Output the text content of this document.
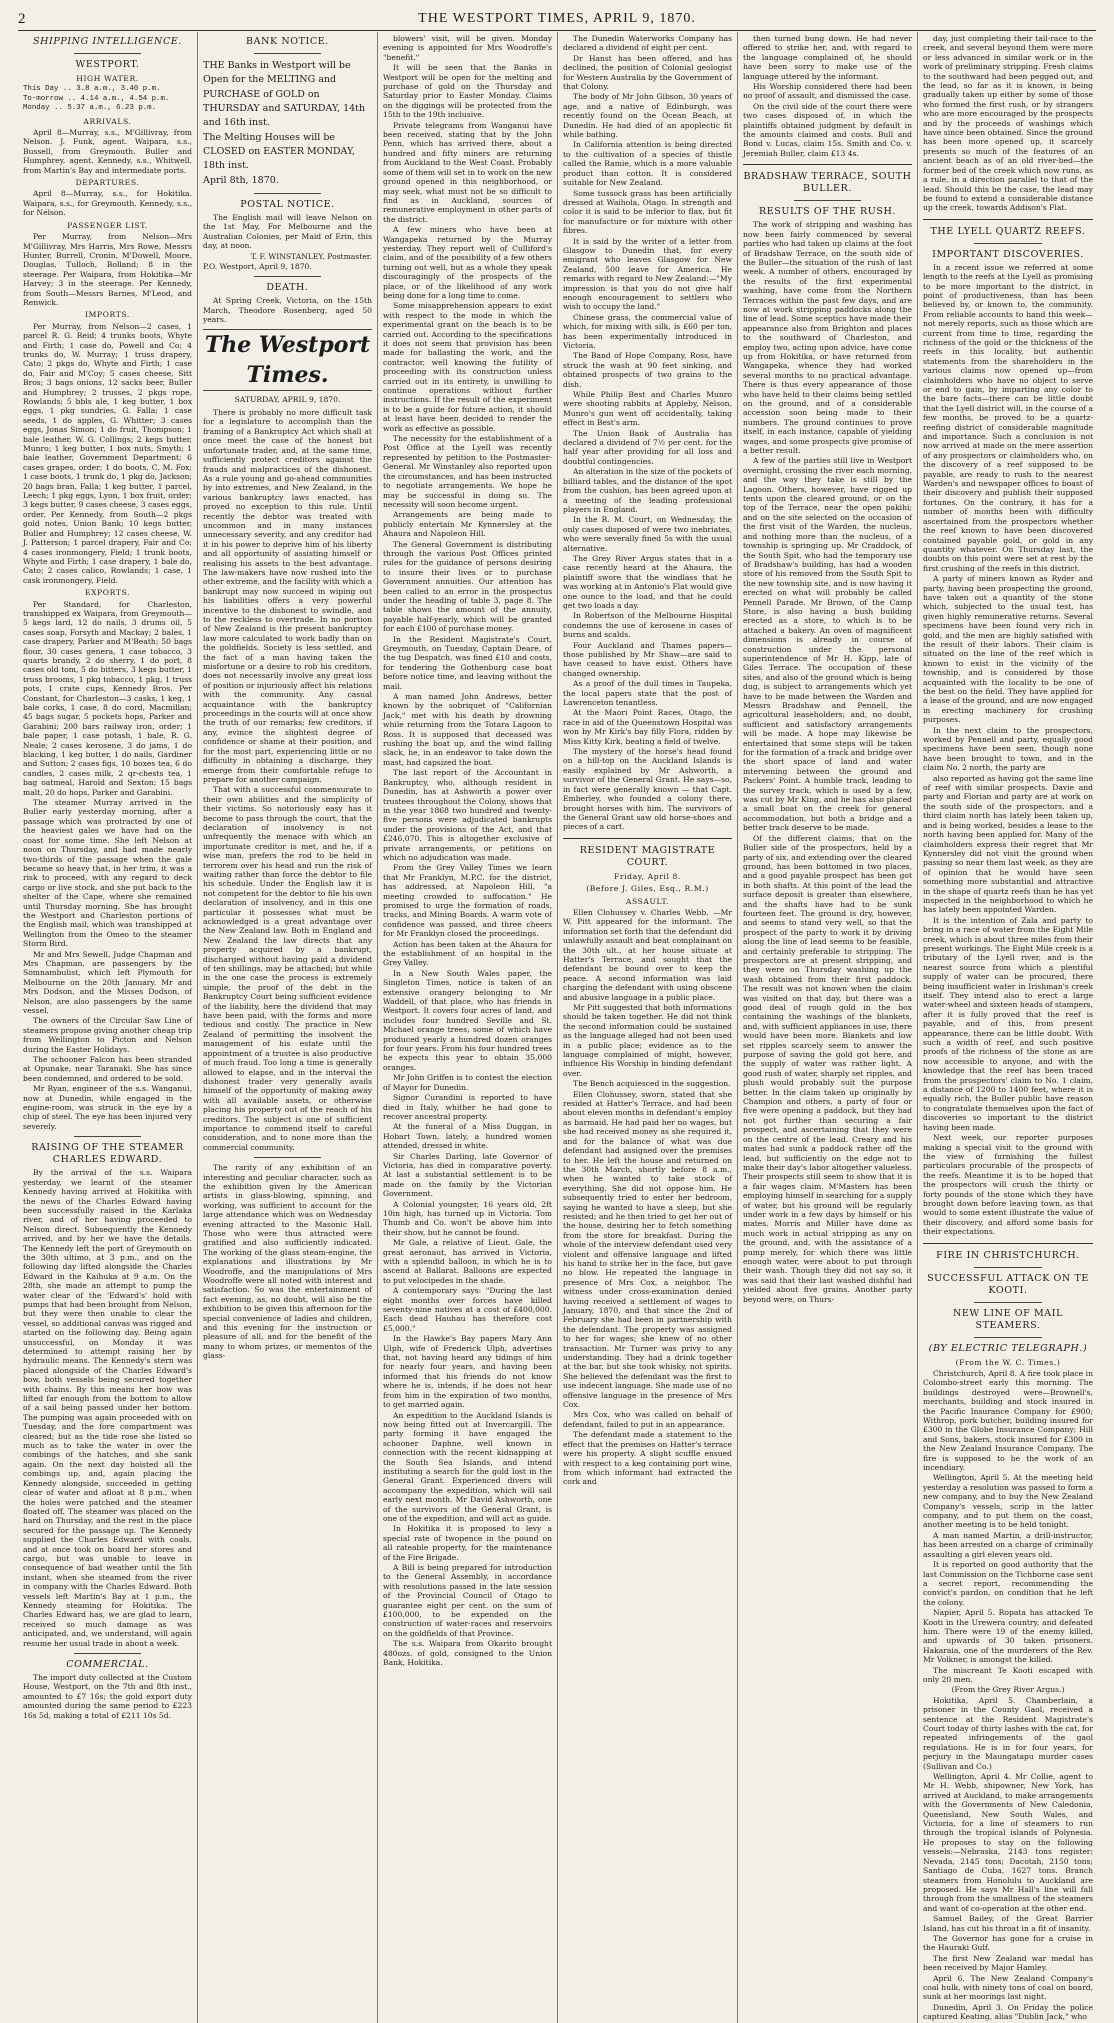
2	THE WESTPORT TIMES, APRIL 9, 1870.
SHIPPING INTELLIGENCE.
WESTPORT.
HIGH WATER.
This Day .. 3.8 a.m., 3.40 p.m.
To-morrow .. 4.14 a.m., 4.54 p.m.
Monday .. 5.37 a.m., 6.23 p.m.
ARRIVALS.

April 8—Murray, s.s., M'Gillivray, from Nelson. J. Funk, agent. Waipara, s.s., Bussell, from Greymouth. Buller and Humphrey, agent. Kennedy, s.s., Whitwell, from Martin's Bay and intermediate ports.

DEPARTURES.

April 8—Murray, s.s., for Hokitika. Waipara, s.s., for Greymouth. Kennedy, s.s., for Nelson.

PASSENGER LIST.

Per Murray, from Nelson—Mrs M'Gillivray, Mrs Harris, Mrs Rowe, Messrs Hunter, Burrell, Cronin, M'Dowell, Moore, Douglas, Tulloch, Bolland; 8 in the steerage. Per Waipara, from Hokitika—Mr Harvey; 3 in the steerage. Per Kennedy, from South—Messrs Barnes, M'Leod, and Renwick.

IMPORTS.

Per Murray, from Nelson—2 cases, 1 parcel R. G. Reid; 4 trunks boots, Whyte and Firth; 1 case do, Powell and Co; 4 trunks do, W. Murray; 1 truss drapery, Cato; 2 pkgs do, Whyte and Firth; 1 case do, Fair and M'Coy; 5 cases cheese, Sitt Bros; 3 bags onions, 12 sacks beer, Buller and Humphrey; 2 trusses, 2 pkgs rope, Rowlands; 5 bbls ale, 1 keg butter, 1 box eggs, 1 pkg sundries, G. Falla; 1 case seeds, 1 do apples, G. Whitter; 3 cases eggs, Jonas Simon; 1 do fruit, Thompson; 1 bale leather, W. G. Collings; 2 kegs butter, Munro; 1 keg butter, 1 box nuts, Smyth; 1 bale leather, Government Department; 6 cases grapes, order; 1 do boots, C. M. Fox; 1 case boots, 1 trunk do, 1 pkg do, Jackson; 20 bags bran, Falla; 1 keg butter, 1 parcel, Leech; 1 pkg eggs, Lyon, 1 box fruit, order; 3 kegs butter, 9 cases cheese, 3 cases eggs, order. Per Kennedy, from South—2 pkgs gold notes, Union Bank; 10 kegs butter, Buller and Humphrey; 12 cases cheese, W. J. Patterson; 1 parcel drapery, Fair and Co; 4 cases ironmongery, Field; 1 trunk boots, Whyte and Firth; 1 case drapery, 1 bale do, Cato; 2 cases calico, Rowlands; 1 case, 1 cask ironmongery, Field.

EXPORTS.

Per Standard, for Charleston, transhipped ex Waipara, from Greymouth—5 kegs lard, 12 do nails, 3 drums oil, 5 cases soap, Forsyth and Mackay; 2 bales, 1 case drapery, Parker and M'Beath; 50 bags flour, 30 cases genera, 1 case tobacco, 3 quarts brandy, 2 do sherry, 1 do port, 8 cases old tom, 5 do bitters, 3 kegs butter, 1 truss brooms, 1 pkg tobacco, 1 pkg, 1 truss pots, 1 crate cups, Kennedy Bros. Per Constant, for Charleston—3 casks, 1 keg, 1 bale corks, 1 case, 8 do cord, Macmillan; 45 bags sugar, 5 pockets hops, Parker and Garabini; 200 bars railway iron, order; 1 bale paper, 1 case potash, 1 bale, R. G. Neale; 2 cases kerosene, 3 do jams, 1 do blacking, 1 keg butter, 1 do nails, Gardiner and Sutton; 2 cases figs, 10 boxes tea, 6 do candles, 2 cases milk, 2 qr-chests tea, 1 bag oatmeal, Harold and Sexton; 15 bags malt, 20 do hops, Parker and Garabini.

The steamer Murray arrived in the Buller early yesterday morning, after a passage which was protracted by one of the heaviest gales we have had on the coast for some time. She left Nelson at noon on Thursday, and had made nearly two-thirds of the passage when the gale became so heavy that, in her trim, it was a risk to proceed, with any regard to deck cargo or live stock, and she put back to the shelter of the Cape, where she remained until Thursday morning. She has brought the Westport and Charleston portions of the English mail, which was transhipped at Wellington from the Omeo to the steamer Storm Bird.

Mr and Mrs Sewell, Judge Chapman and Mrs Chapman, are passengers by the Somnambulist, which left Plymouth for Melbourne on the 20th January. Mr and Mrs Dodson, and the Misses Dodson, of Nelson, are also passengers by the same vessel.

The owners of the Circular Saw Line of steamers propose giving another cheap trip from Wellington to Picton and Nelson during the Easter Holidays.

The schooner Falcon has been stranded at Opunake, near Taranaki. She has since been condemned, and ordered to be sold.

Mr Ryan, engineer of the s.s. Wanganui, now at Dunedin, while engaged in the engine-room, was struck in the eye by a chip of steel. The eye has been injured very severely.

RAISING OF THE STEAMER CHARLES EDWARD.

By the arrival of the s.s. Waipara yesterday, we learnt of the steamer Kennedy having arrived at Hokitika with the news of the Charles Edward having been successfully raised in the Karlaka river, and of her having proceeded to Nelson direct. Subsequently the Kennedy arrived, and by her we have the details. The Kennedy left the port of Greymouth on the 30th ultimo, at 3 p.m., and on the following day lifted alongside the Charles Edward in the Kaihuka at 9 a.m. On the 28th, she made an attempt to pump the water clear of the 'Edward's' hold with pumps that had been brought from Nelson, but they were then unable to clear the vessel, so additional canvas was rigged and started on the following day. Being again unsuccessful, on Monday it was determined to attempt raising her by hydraulic means. The Kennedy's stern was placed alongside of the Charles Edward's bow, both vessels being secured together with chains. By this means her bow was lifted far enough from the bottom to allow of a sail being passed under her bottom. The pumping was again proceeded with on Tuesday, and the fore compartment was cleared; but as the tide rose she listed so much as to take the water in over the combings of the hatches, and she sank again. On the next day hoisted all the combings up, and, again placing the Kennedy alongside, succeeded in getting clear of water and afloat at 8 p.m., when the holes were patched and the steamer floated off. The steamer was placed on the hard on Thursday, and the rest in the place secured for the passage up. The Kennedy supplied the Charles Edward with coals, and at once took on board her stores and cargo, but was unable to leave in consequence of bad weather until the 5th instant, when she steamed from the river in company with the Charles Edward. Both vessels left Martin's Bay at 1 p.m., the Kennedy steaming for Hokitika. The Charles Edward has, we are glad to learn, received so much damage as was anticipated, and, we understand, will again resume her usual trade in about a week.

COMMERCIAL.

The import duty collected at the Custom House, Westport, on the 7th and 8th inst., amounted to £7 16s; the gold export duty amounted during the same period to £223 16s 5d, making a total of £211 10s 5d.

BANK NOTICE.

THE Banks in Westport will be Open for the MELTING and

PURCHASE of GOLD on THURSDAY and SATURDAY, 14th and 16th inst.

The Melting Houses will be CLOSED on EASTER MONDAY, 18th inst.

April 8th, 1870.

POSTAL NOTICE.

The English mail will leave Nelson on the 1st May, For Melbourne and the Australian Colonies, per Maid of Erin, this day, at noon.

T. F. WINSTANLEY, Postmaster.

P.O. Westport, April 9, 1870.

DEATH.

At Spring Creek, Victoria, on the 15th March, Theodore Rosenberg, aged 50 years.

The Westport Times.
SATURDAY, APRIL 9, 1870.

There is probably no more difficult task for a legislature to accomplish than the framing of a Bankruptcy Act which shall at once meet the case of the honest but unfortunate trader, and, at the same time, sufficiently protect creditors against the frauds and malpractices of the dishonest. As a rule young and go-ahead communities by into extremes, and New Zealand, in the various bankruptcy laws enacted, has proved no exception to this rule. Until recently the debtor was treated with uncommon and in many instances unnecessary severity, and any creditor had it in his power to deprive him of his liberty and all opportunity of assisting himself or realising his assets to the best advantage. The law-makers have now rushed into the other extreme, and the facility with which a bankrupt may now succeed in wiping out his liabilities offers a very powerful incentive to the dishonest to swindle, and to the reckless to overtrade. In no portion of New Zealand is the present bankruptcy law more calculated to work badly than on the goldfields. Society is less settled, and the fact of a man having taken the misfortune or a desire to rob his creditors, does not necessarily involve any great loss of position or injuriously affect his relations with the community. Any casual acquaintance with the bankruptcy proceedings in the courts will at once show the truth of our remarks; few creditors, if any, evince the slightest degree of confidence or shame at their position, and for the most part, experiencing little or no difficulty in obtaining a discharge, they emerge from their comfortable refuge to prepare for another campaign.

That with a successful commensurate to their own abilities and the simplicity of their victims. So notoriously easy has it become to pass through the court, that the declaration of insolvency is not unfrequently the menace with which an importunate creditor is met, and he, if a wise man, prefers the rod to be held in terrorem over his head and run the risk of waiting rather than force the debtor to file his schedule. Under the English law it is not competent for the debtor to file his own declaration of insolvency, and in this one particular it possesses what must be acknowledged is a great advantage over the New Zealand law. Both in England and New Zealand the law directs that any property acquired by a bankrupt, discharged without having paid a dividend of ten shillings, may be attached; but while in the one case the process is extremely simple, the proof of the debt in the Bankruptcy Court being sufficient evidence of the liability, here the dividend that may have been paid, with the forms and more tedious and costly. The practice in New Zealand of permitting the insolvent the management of his estate until the appointment of a trustee is also productive of much fraud. Too long a time is generally allowed to elapse, and in the interval the dishonest trader very generally avails himself of the opportunity of making away with all available assets, or otherwise placing his property out of the reach of his creditors. The subject is one of sufficient importance to commend itself to careful consideration, and to none more than the commercial community.

The rarity of any exhibition of an interesting and peculiar character, such as the exhibition given by the American artists in glass-blowing, spinning, and working, was sufficient to account for the large attendance which was on Wednesday evening attracted to the Masonic Hall. Those who were thus attracted were gratified and also sufficiently indicated. The working of the glass steam-engine, the explanations and illustrations by Mr Woodroffe, and the manipulations of Mrs Woodroffe were all noted with interest and satisfaction. So was the entertainment of fact evening, as, no doubt, will also be the exhibition to be given this afternoon for the special convenience of ladies and children, and this evening for the instruction or pleasure of all, and for the benefit of the many to whom prizes, or mementos of the glass-

blowers' visit, will be given. Monday evening is appointed for Mrs Woodroffe's "benefit."

It will be seen that the Banks in Westport will be open for the melting and purchase of gold on the Thursday and Saturday prior to Easter Monday. Claims on the diggings will be protected from the 15th to the 19th inclusive.

Private telegrams from Wanganui have been received, stating that by the John Penn, which has arrived there, about a hundred and fifty miners are returning from Auckland to the West Coast. Probably some of them will set in to work on the new ground opened in this neighborhood, or may seek, what must not be so difficult to find as in Auckland, sources of remunerative employment in other parts of the district.

A few miners who have been at Wangapeka returned by the Murray yesterday. They report well of Culliford's claim, and of the possibility of a few others turning out well, but as a whole they speak discouragingly of the prospects of the place, or of the likelihood of any work being done for a long time to come.

Some misapprehension appears to exist with respect to the mode in which the experimental grant on the beach is to be carried out. According to the specifications it does not seem that provision has been made for ballasting the work, and the contractor, well knowing the futility of proceeding with its construction unless carried out in its entirety, is unwilling to continue operations without further instructions. If the result of the experiment is to be a guide for future action, it should at least have been decided to render the work as effective as possible.

The necessity for the establishment of a Post Office at the Lyell was recently represented by petition to the Postmaster-General. Mr Winstanley also reported upon the circumstances, and has been instructed to negotiate arrangements. We hope he may be successful in doing so. The necessity will soon become urgent.

Arrangements are being made to publicly entertain Mr Kynnersley at the Ahaura and Napoleon Hill.

The General Government is distributing through the various Post Offices printed rules for the guidance of persons desiring to insure their lives or to purchase Government annuities. Our attention has been called to an error in the prospectus under the heading of table 3, page 8. The table shows the amount of the annuity, payable half-yearly, which will be granted for each £100 of purchase money.

In the Resident Magistrate's Court, Greymouth, on Tuesday, Captain Deare, of the tug Despatch, was fined £10 and costs, for tendering the Gothenburg case boat before notice time, and leaving without the mail.

A man named John Andrews, better known by the sobriquet of "Californian Jack," met with his death by drowning while returning from the Totara Lagoon to Ross. It is supposed that deceased was rushing the boat up, and the wind falling slack, he, in an endeavor to take down the mast, had capsized the boat.

The last report of the Accountant in Bankruptcy, who, although resident in Dunedin, has at Ashworth a power over trustees throughout the Colony, shows that in the year 1868 two hundred and twenty-five persons were adjudicated bankrupts under the provisions of the Act, and that £246,070. This is altogether exclusive of private arrangements, or petitions on which no adjudication was made.

From the Grey Valley Times we learn that Mr Franklyn, M.P.C. for the district, has addressed, at Napoleon Hill, "a meeting crowded to suffocation." He promised to urge the formation of roads, tracks, and Mining Boards. A warm vote of confidence was passed, and three cheers for Mr Franklyn closed the proceedings.

Action has been taken at the Ahaura for the establishment of an hospital in the Grey Valley.

In a New South Wales paper, the Singleton Times, notice is taken of an extensive orangery belonging to Mr Waddell, of that place, who has friends in Westport. It covers four acres of land, and includes four hundred Seville and St. Michael orange trees, some of which have produced yearly a hundred dozen oranges for four years. From his four hundred trees he expects this year to obtain 35,000 oranges.

Mr John Griffen is to contest the election of Mayor for Dunedin.

Signor Curandini is reported to have died in Italy, whither he had gone to recover ancestral property.

At the funeral of a Miss Duggan, in Hobart Town, lately, a hundred women attended, dressed in white.

Sir Charles Darling, late Governor of Victoria, has died in comparative poverty. At last a substantial settlement is to be made on the family by the Victorian Government.

A Colonial youngster, 16 years old, 2ft 10in high, has turned up in Victoria. Tom Thumb and Co. won't be above him into their show, but he cannot be found.

Mr Gale, a relative of Lieut. Gale, the great aeronaut, has arrived in Victoria, with a splendid balloon, in which he is to ascend at Ballarat. Balloons are expected to put velocipedes in the shade.

A contemporary says: "During the last eight months over forces have killed seventy-nine natives at a cost of £400,000. Each dead Hauhau has therefore cost £5,000."

In the Hawke's Bay papers Mary Ann Ulph, wife of Frederick Ulph, advertises that, not having heard any tidings of him for nearly four years, and having been informed that his friends do not know where he is, intends, if he does not hear from him in the expiration of two months, to get married again.

An expedition to the Auckland Islands is now being fitted out at Invercargill. The party forming it have engaged the schooner Daphne, well known in connection with the recent kidnapping at the South Sea Islands, and intend instituting a search for the gold lost in the General Grant. Experienced divers will accompany the expedition, which will sail early next month. Mr David Ashworth, one of the survivors of the General Grant, is one of the expedition, and will act as guide.

In Hokitika it is proposed to levy a special rate of twopence in the pound on all rateable property, for the maintenance of the Fire Brigade.

A Bill is being prepared for introduction to the General Assembly, in accordance with resolutions passed in the late session of the Provincial Council of Otago to guarantee eight per cent. on the sum of £100,000, to be expended on the construction of water-races and reservoirs on the goldfields of that Province.

The s.s. Waipara from Okarito brought 480ozs. of gold, consigned to the Union Bank, Hokitika.

The Dunedin Waterworks Company has declared a dividend of eight per cent.

Dr Hanst has been offered, and has declined, the position of Colonial geologist for Western Australia by the Government of that Colony.

The body of Mr John Gibson, 30 years of age, and a native of Edinburgh, was recently found on the Ocean Beach, at Dunedin. He had died of an apoplectic fit while bathing.

In California attention is being directed to the cultivation of a species of thistle called the Ramie, which is a more valuable product than cotton. It is considered suitable for New Zealand.

Some tussock grass has been artificially dressed at Waihola, Otago. In strength and color it is said to be inferior to flax, but fit for manufacture or for mixture with other fibres.

It is said by the writer of a letter from Glasgow to Dunedin that, for every emigrant who leaves Glasgow for New Zealand, 500 leave for America. He remarks with regard to New Zealand:—"My impression is that you do not give half enough encouragement to settlers who wish to occupy the land."

Chinese grass, the commercial value of which, for mixing with silk, is £60 per ton, has been experimentally introduced in Victoria.

The Band of Hope Company, Ross, have struck the wash at 90 feet sinking, and obtained prospects of two grains to the dish.

While Philip Best and Charles Munro were shooting rabbits at Appleby, Nelson, Munro's gun went off accidentally, taking effect in Best's arm.

The Union Bank of Australia has declared a dividend of 7½ per cent. for the half year after providing for all loss and doubtful contingencies.

An alteration in the size of the pockets of billiard tables, and the distance of the spot from the cushion, has been agreed upon at a meeting of the leading professional players in England.

In the R. M. Court, on Wednesday, the only cases disposed of were two inebriates, who were severally fined 5s with the usual alternative.

The Grey River Argus states that in a case recently heard at the Ahaura, the plaintiff swore that the windlass that he was working at in Antonio's Flat would give one ounce to the load, and that he could get two loads a day.

In Robertson of the Melbourne Hospital condemns the use of kerosene in cases of burns and scalds.

Four Auckland and Thames papers—those published by Mr Shaw—are said to have ceased to have exist. Others have changed ownership.

As a proof of the dull times in Taupeka, the local papers state that the post of Lawrenceton tenantless.

At the Maori Point Races, Otago, the race in aid of the Queenstown Hospital was won by Mr Kirk's bay filly Flora, ridden by Miss Kitty Kirk, beating a field of twelve.

The mystery of the horse's head found on a hill-top on the Auckland Islands is easily explained by Mr Ashworth, a survivor of the General Grant. He says—so, in fact were generally known — that Capt. Emberley, who founded a colony there, brought horses with him. The survivors of the General Grant saw old horse-shoes and pieces of a cart.

RESIDENT MAGISTRATE COURT.
Friday, April 8.
(Before J. Giles, Esq., R.M.)
ASSAULT.

Ellen Clohussey v. Charles Webb. —Mr W. Pitt appeared for the informant. The information set forth that the defendant did unlawfully assault and beat complainant on the 30th ult., at her house situate at Hatter's Terrace, and sought that the defendant be bound over to keep the peace. A second information was laid charging the defendant with using obscene and abusive language in a public place.

Mr Pitt suggested that both informations should be taken together. He did not think the second information could be sustained as the language alleged had not been used in a public place; evidence as to the language complained of might, however, influence His Worship in binding defendant over.

The Bench acquiesced in the suggestion.

Ellen Clohussey, sworn, stated that she resided at Hatter's Terrace, and had been about eleven months in defendant's employ as barmaid. He had paid her no wages, but she had received money as she required it, and for the balance of what was due defendant had assigned over the premises to her. He left the house and returned on the 30th March, shortly before 8 a.m., when he wanted to take stock of everything. She did not oppose him. He subsequently tried to enter her bedroom, saying he wanted to have a sleep, but she resisted; and he then tried to get her out of the house, desiring her to fetch something from the store for breakfast. During the whole of the interview defendant used very violent and offensive language and lifted his hand to strike her in the face, but gave no blow. He repeated the language in presence of Mrs Cox, a neighbor. The witness under cross-examination denied having received a settlement of wages to January, 1870, and that since the 2nd of February she had been in partnership with the defendant. The property was assigned to her for wages; she knew of no other transaction. Mr Turner was privy to any understanding. They had a drink together at the bar, but she took whisky, not spirits. She believed the defendant was the first to use indecent language. She made use of no offensive language in the presence of Mrs Cox.

Mrs Cox, who was called on behalf of defendant, failed to put in an appearance.

The defendant made a statement to the effect that the premises on Hatter's terrace were his property. A slight scuffle ensued with respect to a keg containing port wine, from which informant had extracted the cork and

then turned bung down. He had never offered to strike her, and, with regard to the language complained of, he should have been sorry to make use of the language uttered by the informant.

His Worship considered there had been no proof of assault, and dismissed the case.

On the civil side of the court there were two cases disposed of, in which the plaintiffs obtained judgment by default in the amounts claimed and costs. Bull and Bond v. Lucas, claim 15s. Smith and Co. v. Jeremiah Buller, claim £13 4s.

BRADSHAW TERRACE, SOUTH BULLER.
RESULTS OF THE RUSH.

The work of stripping and washing has now been fairly commenced by several parties who had taken up claims at the foot of Bradshaw Terrace, on the south side of the Buller—the situation of the rush of last week. A number of others, encouraged by the results of the first experimental washing, have come from the Northern Terraces within the past few days, and are now at work stripping paddocks along the line of lead. Some sceptics have made their appearance also from Brighton and places to the southward of Charleston, and employ two, acting upon advice, have come up from Hokitika, or have returned from Wangapeka, whence they had worked several months to no practical advantage. There is thus every appearance of those who have held to their claims being settled on the ground, and of a considerable accession soon being made to their numbers. The ground continues to prove itself, in each instance, capable of yielding wages, and some prospects give promise of a better result.

A few of the parties still live in Westport overnight, crossing the river each morning, and the way they take is still by the Lagoon. Others, however, have rigged up tents upon the cleared ground, or on the top of the Terrace, near the open pakihi; and on the site selected on the occasion of the first visit of the Warden, the nucleus, and nothing more than the nucleus, of a township is springing up. Mr Craddock, of the South Spit, who had the temporary use of Bradshaw's building, has had a wooden store of his removed from the South Spit to the new township site, and is now having it erected on what will probably be called Pennell Parade. Mr Brown, of the Camp Store, is also having a bush building erected as a store, to which is to be attached a bakery. An oven of magnificent dimensions is already in course of construction under the personal superintendence of Mr H. Kipp, late of Giles Terrace. The occupation of these sites, and also of the ground which is being dug, is subject to arrangements which yet have to be made between the Warden and Messrs Bradshaw and Pennell, the agricultural leaseholders; and, no doubt, sufficient and satisfactory arrangements will be made. A hope may likewise be entertained that some steps will be taken for the formation of a track and bridge over the short space of land and water intervening between the ground and Packers' Point. A humble track, leading to the survey track, which is used by a few, was cut by Mr King, and he has also placed a small boat on the creek for general accommodation, but both a bridge and a better track deserve to be made.

Of the different claims, that on the Buller side of the prospectors, held by a party of six, and extending over the cleared ground, has been bottomed in two places, and a good payable prospect has been got in both shafts. At this point of the lead the surface deposit is greater than elsewhere, and the shafts have had to be sunk fourteen feet. The ground is dry, however, and seems to stand very well, so that the prospect of the party to work it by driving along the line of lead seems to be feasible, and certainly preferable to stripping. The prospectors are at present stripping, and they were on Thursday washing up the wash obtained from their first paddock. The result was not known when the claim was visited on that day, but there was a good deal of rough gold in the box containing the washings of the blankets, and, with sufficient appliances in use, there would have been more. Blankets and low set ripples scarcely seem to answer the purpose of saving the gold got here, and the supply of water was rather light. A good rush of water, sharply set ripples, and plush would probably suit the purpose better. In the claim taken up originally by Champion and others, a party of four or five were opening a paddock, but they had not got further than securing a fair prospect, and ascertaining that they were on the centre of the lead. Creary and his mates had sunk a paddock rather off the lead, but sufficiently on the edge not to make their day's labor altogether valueless. Their prospects still seem to show that it is a fair wages claim. M'Masters has been employing himself in searching for a supply of water, but his ground will be regularly under work in a few days by himself or his mates. Morris and Miller have done as much work in actual stripping as any on the ground, and, with the assistance of a pump merely, for which there was little enough water, were about to put through their wash. Though they did not say so, it was said that their last washed dishful had yielded about five grains. Another party beyond were, on Thurs-

day, just completing their tail-race to the creek, and several beyond them were more or less advanced in similar work or in the work of preliminary stripping. Fresh claims to the southward had been pegged out, and the lead, so far as it is known, is being gradually taken up either by some of those who formed the first rush, or by strangers who are more encouraged by the prospects and by the proceeds of washings which have since been obtained. Since the ground has been more opened up, it scarcely presents so much of the features of an ancient beach as of an old river-bed—the former bed of the creek which now runs, as a rule, in a direction parallel to that of the lead. Should this be the case, the lead may be found to extend a considerable distance up the creek, towards Addison's Flat.

THE LYELL QUARTZ REEFS.
IMPORTANT DISCOVERIES.

In a recent issue we referred at some length to the reefs at the Lyell as promising to be more important to the district, in point of productiveness, than has been believed by, or known to, the community. From reliable accounts to hand this week—not merely reports, such as those which are current from time to time, regarding the richness of the gold or the thickness of the reefs in this locality, but authentic statements from the shareholders in the various claims now opened up—from claimholders who have no object to serve or end to gain, by imparting any color to the bare facts—there can be little doubt that the Lyell district will, in the course of a few months, be proved to be a quartz-reefing district of considerable magnitude and importance. Such a conclusion is not now arrived at made on the mere assertion of any prospectors or claimholders who, on the discovery of a reef supposed to be payable, are ready to rush to the nearest Warden's and newspaper offices to boast of their discovery and publish their supposed fortunes. On the contrary, it has for a number of months been with difficulty ascertained from the prospectors whether the reef known to have been discovered contained payable gold, or gold in any quantity whatever. On Thursday last, the doubts on this point were set at rest by the first crushing of the reefs in this district.

A party of miners known as Ryder and party, having been prospecting the ground, have taken out a quantity of the stone which, subjected to the usual test, has given highly remunerative returns. Several specimens have been found very rich in gold, and the men are highly satisfied with the result of their labors. Their claim is situated on the line of the reef which is known to exist in the vicinity of the township, and is considered by those acquainted with the locality to be one of the best on the field. They have applied for a lease of the ground, and are now engaged in erecting machinery for crushing purposes.

In the next claim to the prospectors, worked by Pennell and party, equally good specimens have been seen, though none have been brought to town, and in the claim No. 2 north, the party are

also reported as having got the same line of reef with similar prospects. Davie and party and Florian and party are at work on the south side of the prospectors, and a third claim north has lately been taken up, and is being worked, besides a lease to the north having been applied for. Many of the claimholders express their regret that Mr Kynnersley did not visit the ground when passing so near them last week, as they are of opinion that he would have seen something more substantial and attractive in the shape of quartz reefs than he has yet inspected in the neighborhood to which he has lately been appointed Warden.

It is the intention of Zala and party to bring in a race of water from the Eight Mile creek, which is about three miles from their present workings. The Eight Mile creek is a tributary of the Lyell river, and is the nearest source from which a plentiful supply of water can be procured, there being insufficient water in Irishman's creek itself. They intend also to erect a large water-wheel and sixteen heads of stampers, after it is fully proved that the reef is payable, and of this, from present appearance, there can be little doubt. With such a width of reef, and such positive proofs of the richness of the stone as are now accessible to anyone, and with the knowledge that the reef has been traced from the prospectors' claim to No. 1 claim, a distance of 1200 to 1400 feet, where it is equally rich, the Buller public have reason to congratulate themselves upon the fact of discoveries so important to the district having been made.

Next week, our reporter purposes making a special visit to the ground with the view of furnishing the fullest particulars procurable of the prospects of the reefs. Meantime it is to be hoped that the prospectors will crush the thirty or forty pounds of the stone which they have brought down before leaving town, as that would to some extent illustrate the value of their discovery, and afford some basis for their expectations.

FIRE IN CHRISTCHURCH.
SUCCESSFUL ATTACK ON TE KOOTI.
NEW LINE OF MAIL STEAMERS.
(BY ELECTRIC TELEGRAPH.)
(From the W. C. Times.)

Christchurch, April 8. A fire took place in Colombo-street early this morning. The buildings destroyed were—Brownell's, merchants, building and stock insured in the Pacific Insurance Company for £900; Withrop, pork butcher, building insured for £300 in the Globe Insurance Company; Hill and Sons, bakers, stock insured for £300 in the New Zealand Insurance Company. The fire is supposed to be the work of an incendiary.

Wellington, April 5. At the meeting held yesterday a resolution was passed to form a new company, and to buy the New Zealand Company's vessels, scrip in the latter company, and to put them on the coast, another meeting is to be held tonight.

A man named Martin, a drill-instructor, has been arrested on a charge of criminally assaulting a girl eleven years old.

It is reported on good authority that the last Commission on the Tichborne case sent a secret report, recommending the convict's pardon, on condition that he left the colony.

Napier, April 5. Ropata has attacked Te Kooti in the Urewera country, and defeated him. There were 19 of the enemy killed, and upwards of 30 taken prisoners. Hakaraia, one of the murderers of the Rev. Mr Volkner, is amongst the killed.

The miscreant Te Kooti escaped with only 20 men.

(From the Grey River Argus.)

Hokitika, April 5. Chamberlain, a prisoner in the County Gaol, received a sentence at the Resident Magistrate's Court today of thirty lashes with the cat, for repeated infringements of the gaol regulations. He is in for four years, for perjury in the Maungatapu murder cases (Sullivan and Co.)

Wellington, April 4. Mr Collie, agent to Mr H. Webb, shipowner, New York, has arrived at Auckland, to make arrangements with the Governments of New Caledonia, Queensland, New South Wales, and Victoria, for a line of steamers to run through the tropical islands of Polynesia. He proposes to stay on the following vessels:—Nebraska, 2143 tons register; Nevada, 2145 tons; Dacotah, 2150 tons; Santiago de Cuba, 1627 tons. Branch steamers from Honolulu to Auckland are proposed. He says Mr Hall's line will fall through from the smallness of the steamers and want of co-operation at the other end.

Samuel Bailey, of the Great Barrier Island, has cut his throat in a fit of insanity.

The Governor has gone for a cruise in the Hauraki Gulf.

The first New Zealand war medal has been received by Major Hamley.

April 6. The New Zealand Company's coal hulk, with ninety tons of coal on board, sunk at her moorings last night.

Dunedin, April 3. On Friday the police captured Keating, alias "Dublin Jack," who
